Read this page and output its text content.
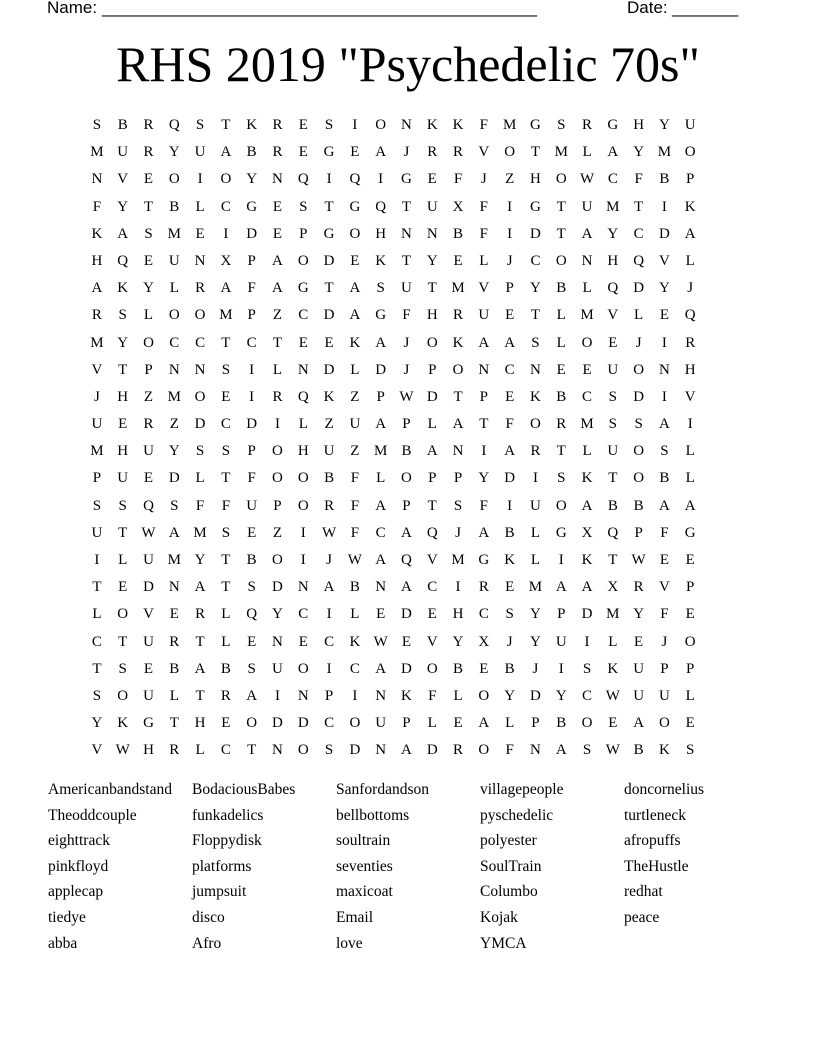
Name: ______________________________________________	Date: _______
RHS 2019 "Psychedelic 70s"
S	B	R	Q	S	T	K	R	E	S	I	O N K K	F M G	S	R	G H Y U
M U	R	Y U A	B	R	E	G	E	A	J	R	R	V O	T M L	A Y M O
N V	E	O	I	O Y N Q	I	Q	I	G	E	F	J	Z	H O W C	F	B	P
F	Y	T	B	L	C	G	E	S	T	G Q	T	U X	F	I	G	T	U M T	I	K
K A	S M E	I	D	E	P	G O H N N	B	F	I	D	T	A Y	C	D A
H Q	E	U N X	P	A O D	E	K	T	Y	E	L	J	C	O N H Q V	L
A K Y	L	R	A	F	A G	T	A	S	U	T M V	P	Y	B	L	Q D Y	J
R	S	L	O O M P	Z	C	D A G	F	H	R	U	E	T	L M V	L	E	Q
M Y O	C	C	T	C	T	E	E	K A	J	O K A A	S	L	O	E	J	I	R
V	T	P	N N	S	I	L	N D	L	D	J	P	O N	C	N	E	E	U O N H
J	H	Z M O	E	I	R	Q K	Z	P W D	T	P	E	K	B	C	S	D	I	V
U	E	R	Z	D	C	D	I	L	Z	U A	P	L	A	T	F	O	R M S	S	A	I
M H U Y	S	S	P	O H U	Z M B	A N	I	A	R	T	L	U O	S	L
P	U	E	D	L	T	F	O O	B	F	L	O	P	P	Y D	I	S	K	T	O	B	L
S	S	Q	S	F	F	U	P	O	R	F	A	P	T	S	F	I	U O A	B	B	A A
U	T W A M S	E	Z	I	W F	C	A Q	J	A	B	L	G X Q	P	F	G
I	L	U M Y	T	B	O	I	J	W A Q V M G K	L	I	K	T W E	E
T	E	D N A	T	S	D N A	B	N A	C	I	R	E M A A X	R	V	P
L	O V	E	R	L	Q Y	C	I	L	E	D	E	H	C	S	Y	P	D M Y	F	E
C	T	U	R	T	L	E	N	E	C	K W E	V Y X	J	Y U	I	L	E	J	O
T	S	E	B	A	B	S	U O	I	C	A D O	B	E	B	J	I	S	K U	P	P
S	O U	L	T	R	A	I	N	P	I	N K	F	L	O Y D Y	C W U U	L
Y K G	T	H	E	O D D	C	O U	P	L	E	A	L	P	B	O	E	A O	E
V W H	R	L	C	T	N O	S	D N A D	R	O	F	N A	S W B	K	S
Americanbandstand
Theoddcouple
eighttrack
pinkfloyd
applecap
tiedye
abba
BodaciousBabes
funkadelics
Floppydisk
platforms
jumpsuit
disco
Afro
Sanfordandson
bellbottoms
soultrain
seventies
maxicoat
Email
love
villagepeople
pyschedelic
polyester
SoulTrain
Columbo
Kojak
YMCA
doncornelius
turtleneck
afropuffs
TheHustle
redhat
peace
